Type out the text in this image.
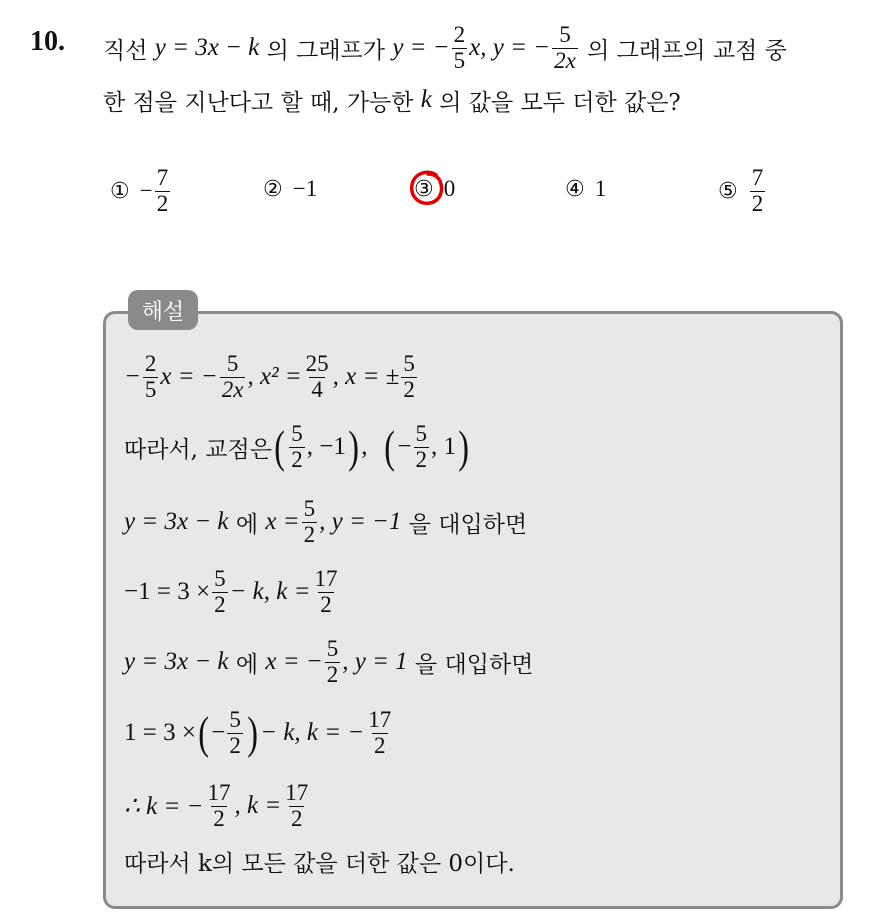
10. 직선
y = 3x − k
의 그래프가
y = − $\frac{2}{5} x$, y = − $\frac{5}{2x}$
의 그래프의 교점 중
한 점을 지난다고 할 때, 가능한
k
의 값을 모두 더한 값은?
① − $\frac{7}{2}$	② −1	③ 0	④ 1	⑤ $\frac{7}{2}$
해설
− $\frac{2}{5}$ x = − $\frac{5}{2x}$ , $x^2 = \frac{25}{4}$ , x = ± $\frac{5}{2}$
따라서, 교점은 ( $\frac{5}{2}$ , −1 ) ,
( − $\frac{5}{2}$ , 1 )
y = 3x − k
에
$x = \frac{5}{2}$ , y = −1
을 대입하면
$-1 = 3 \times \frac{5}{2} - k$, $k = \frac{17}{2}$
y = 3x − k
에
x = − $\frac{5}{2}$ , y = 1
을 대입하면
1 = 3 × ( − $\frac{5}{2}$ ) − k, k = − $\frac{17}{2}$
∴ k = − $\frac{17}{2}$ , $k = \frac{17}{2}$
따라서 k의 모든 값을 더한 값은 0이다.
